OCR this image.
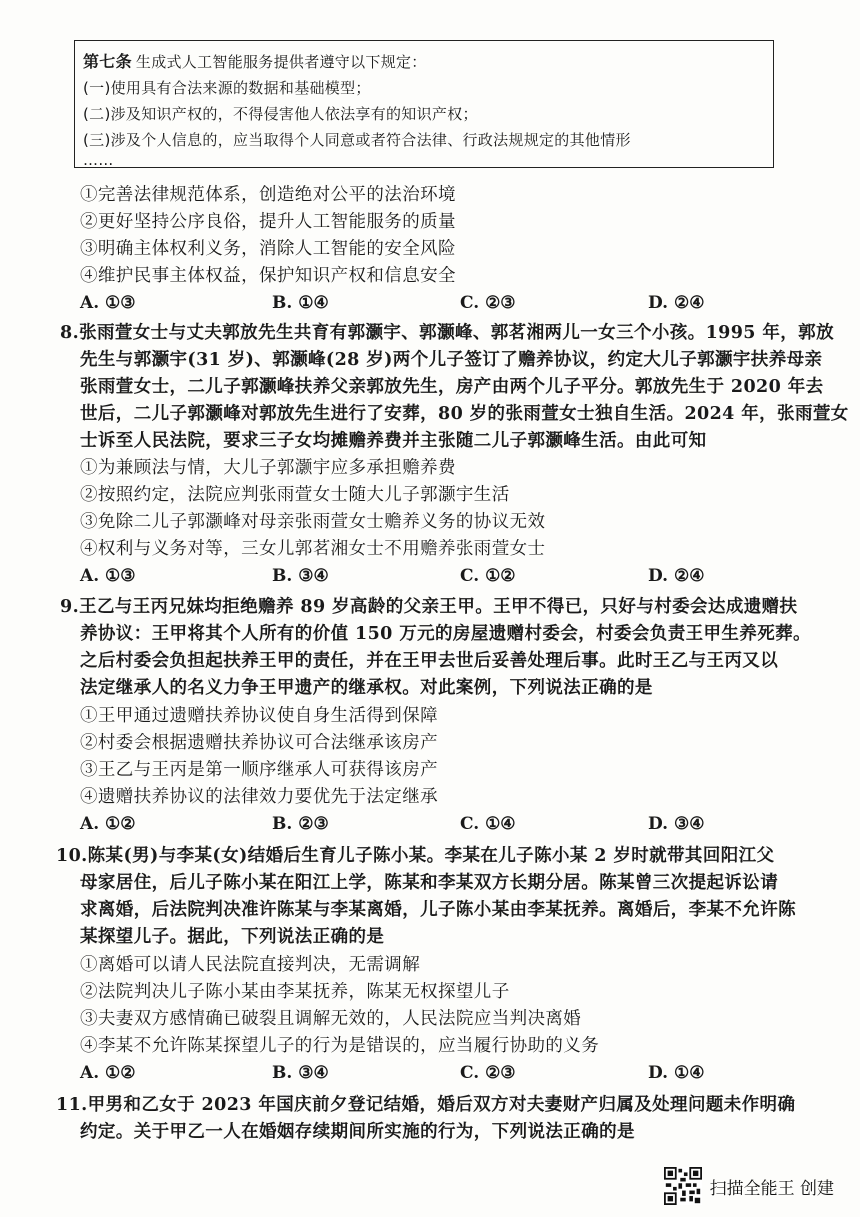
第七条 生成式人工智能服务提供者遵守以下规定：
(一)使用具有合法来源的数据和基础模型；
(二)涉及知识产权的，不得侵害他人依法享有的知识产权；
(三)涉及个人信息的，应当取得个人同意或者符合法律、行政法规规定的其他情形
……
①完善法律规范体系，创造绝对公平的法治环境
②更好坚持公序良俗，提升人工智能服务的质量
③明确主体权利义务，消除人工智能的安全风险
④维护民事主体权益，保护知识产权和信息安全
A. ①③	B. ①④	C. ②③	D. ②④
8.张雨萱女士与丈夫郭放先生共育有郭灏宇、郭灏峰、郭茗湘两儿一女三个小孩。1995 年，郭放
先生与郭灏宇(31 岁)、郭灏峰(28 岁)两个儿子签订了赡养协议，约定大儿子郭灏宇扶养母亲
张雨萱女士，二儿子郭灏峰扶养父亲郭放先生，房产由两个儿子平分。郭放先生于 2020 年去
世后，二儿子郭灏峰对郭放先生进行了安葬，80 岁的张雨萱女士独自生活。2024 年，张雨萱女
士诉至人民法院，要求三子女均摊赡养费并主张随二儿子郭灏峰生活。由此可知
①为兼顾法与情，大儿子郭灏宇应多承担赡养费
②按照约定，法院应判张雨萱女士随大儿子郭灏宇生活
③免除二儿子郭灏峰对母亲张雨萱女士赡养义务的协议无效
④权利与义务对等，三女儿郭茗湘女士不用赡养张雨萱女士
A. ①③	B. ③④	C. ①②	D. ②④
9.王乙与王丙兄妹均拒绝赡养 89 岁高龄的父亲王甲。王甲不得已，只好与村委会达成遗赠扶
养协议：王甲将其个人所有的价值 150 万元的房屋遗赠村委会，村委会负责王甲生养死葬。
之后村委会负担起扶养王甲的责任，并在王甲去世后妥善处理后事。此时王乙与王丙又以
法定继承人的名义力争王甲遗产的继承权。对此案例，下列说法正确的是
①王甲通过遗赠扶养协议使自身生活得到保障
②村委会根据遗赠扶养协议可合法继承该房产
③王乙与王丙是第一顺序继承人可获得该房产
④遗赠扶养协议的法律效力要优先于法定继承
A. ①②	B. ②③	C. ①④	D. ③④
10.陈某(男)与李某(女)结婚后生育儿子陈小某。李某在儿子陈小某 2 岁时就带其回阳江父
母家居住，后儿子陈小某在阳江上学，陈某和李某双方长期分居。陈某曾三次提起诉讼请
求离婚，后法院判决准许陈某与李某离婚，儿子陈小某由李某抚养。离婚后，李某不允许陈
某探望儿子。据此，下列说法正确的是
①离婚可以请人民法院直接判决，无需调解
②法院判决儿子陈小某由李某抚养，陈某无权探望儿子
③夫妻双方感情确已破裂且调解无效的，人民法院应当判决离婚
④李某不允许陈某探望儿子的行为是错误的，应当履行协助的义务
A. ①②	B. ③④	C. ②③	D. ①④
11.甲男和乙女于 2023 年国庆前夕登记结婚，婚后双方对夫妻财产归属及处理问题未作明确
约定。关于甲乙一人在婚姻存续期间所实施的行为，下列说法正确的是
扫描全能王 创建
